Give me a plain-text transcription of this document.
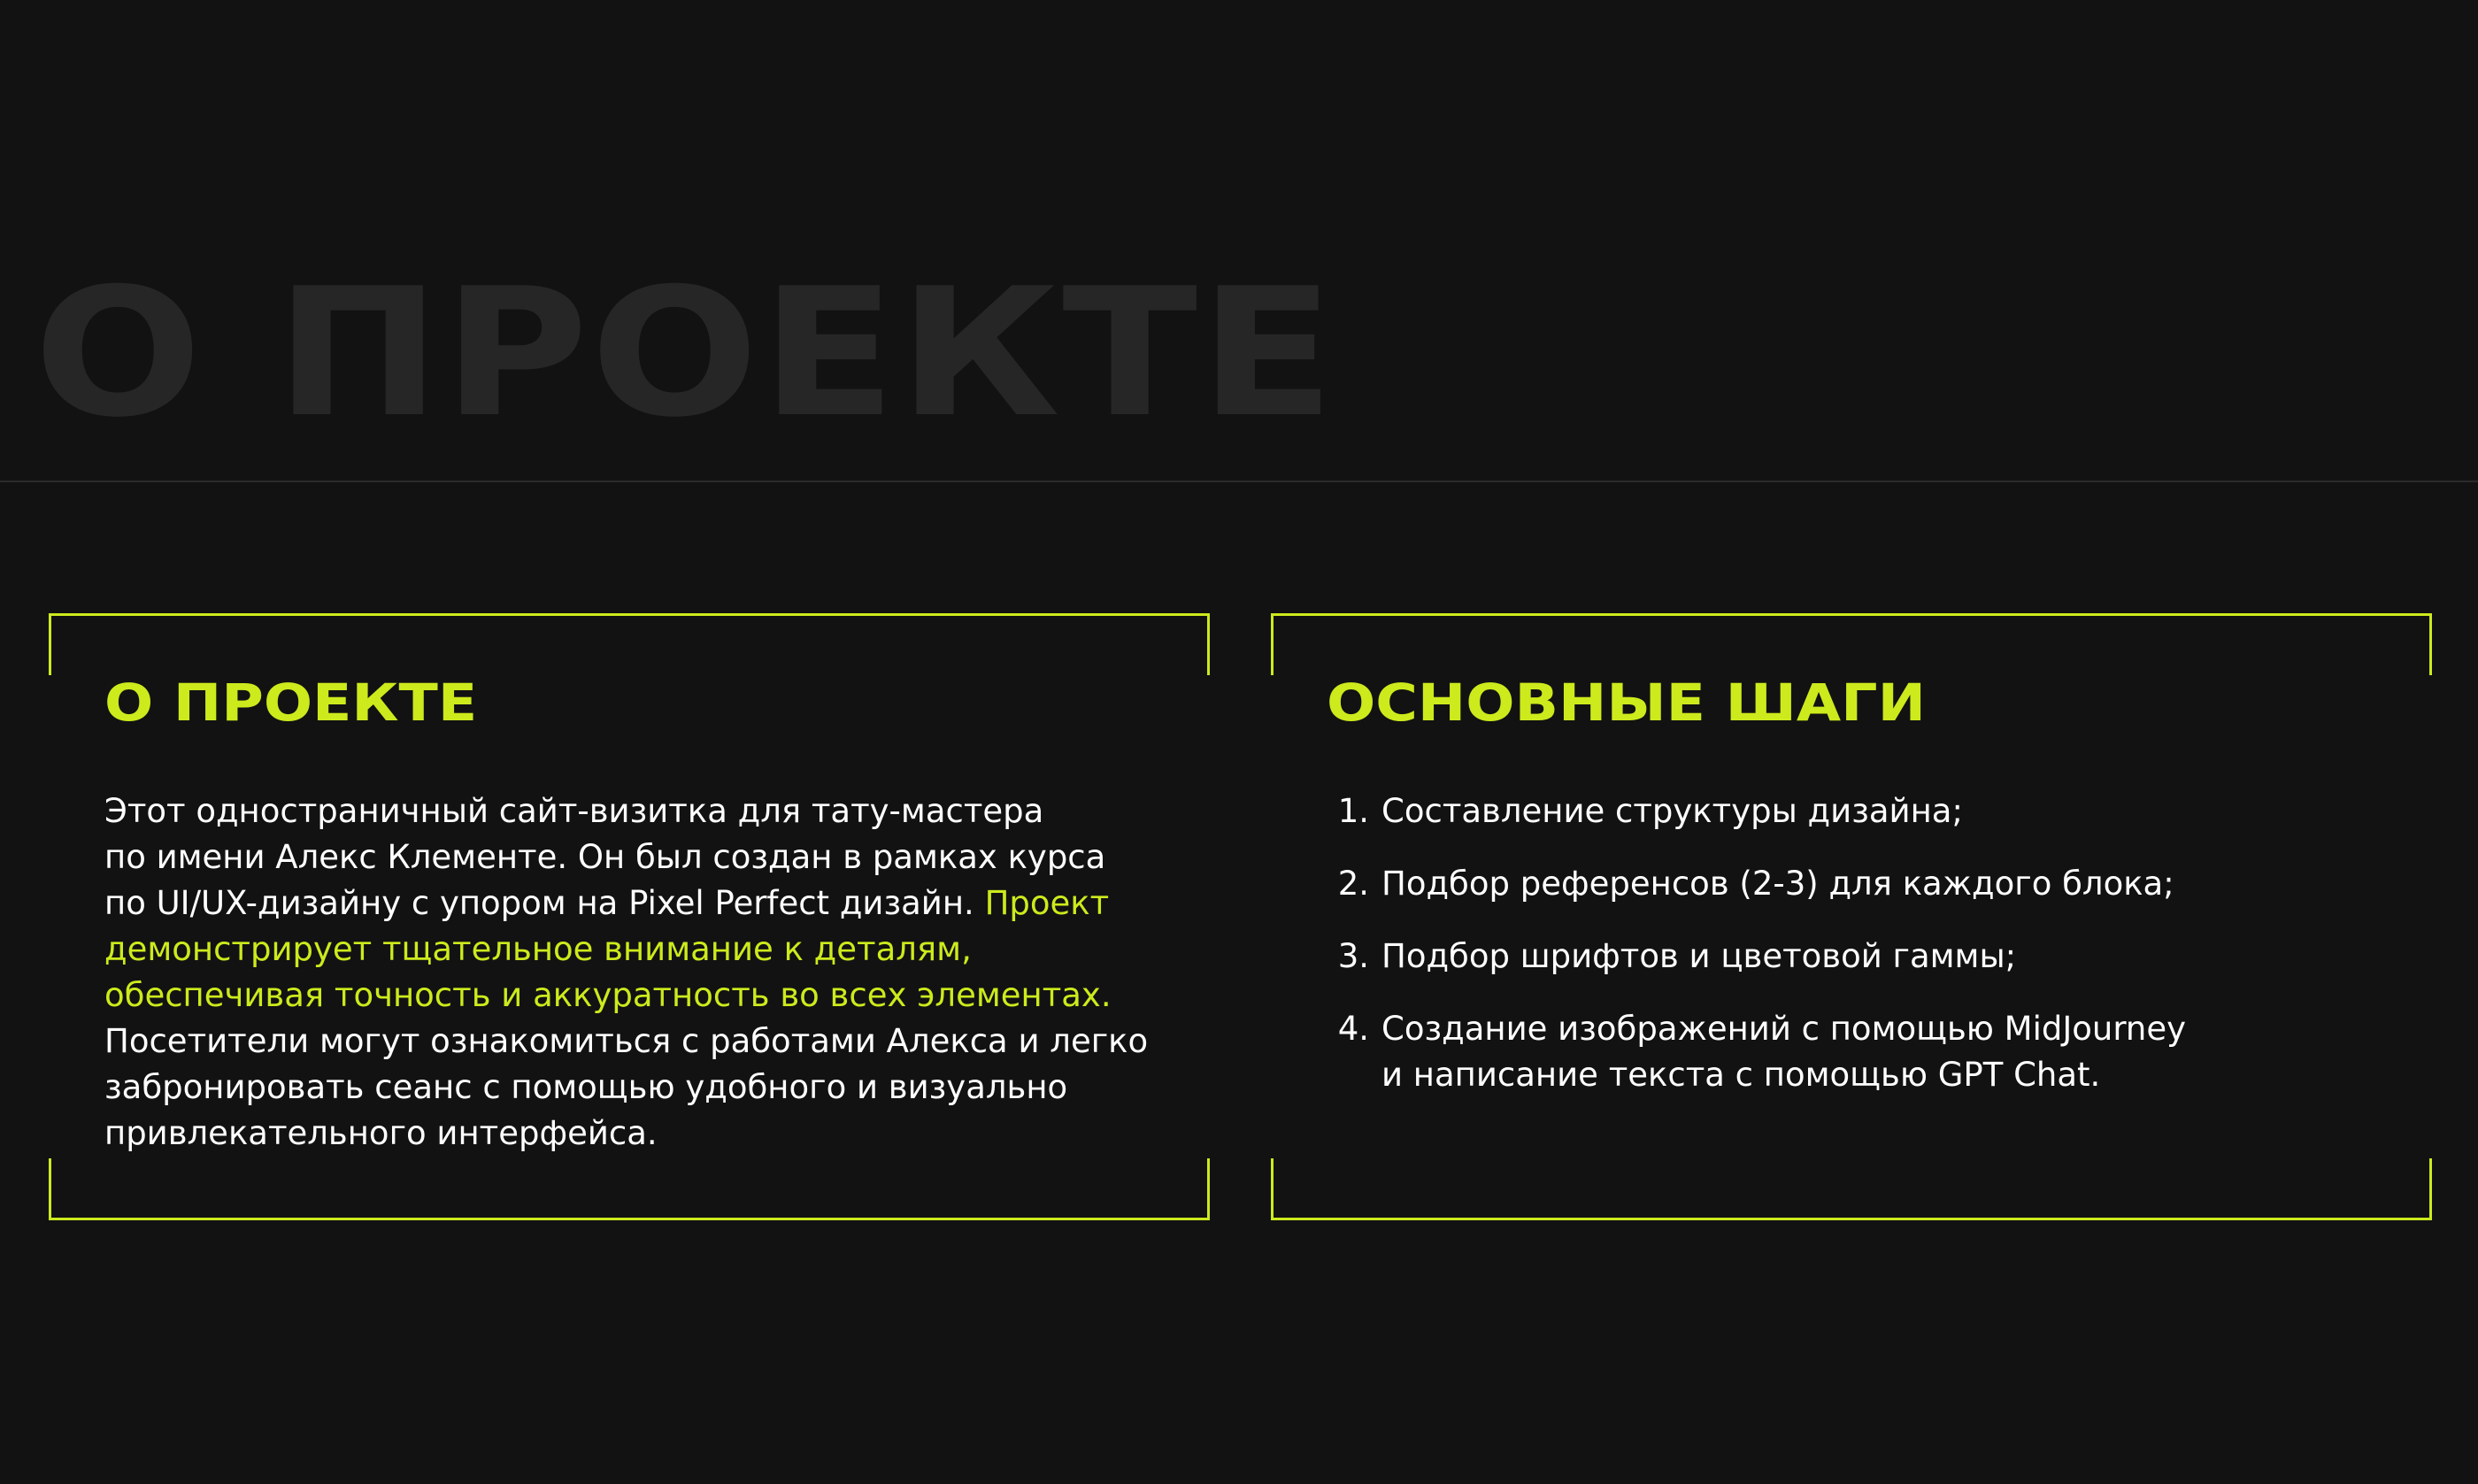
О ПРОЕКТЕ
О ПРОЕКТЕ

Этот одностраничный сайт-визитка для тату-мастера
по имени Алекс Клементе. Он был создан в рамках курса
по UI/UX-дизайну с упором на Pixel Perfect дизайн. Проект
демонстрирует тщательное внимание к деталям,
обеспечивая точность и аккуратность во всех элементах.
Посетители могут ознакомиться с работами Алекса и легко
забронировать сеанс с помощью удобного и визуально
привлекательного интерфейса.

ОСНОВНЫЕ ШАГИ
1. Составление структуры дизайна;
2. Подбор референсов (2-3) для каждого блока;
3. Подбор шрифтов и цветовой гаммы;
4. Создание изображений с помощью MidJourney
и написание текста с помощью GPT Chat.
